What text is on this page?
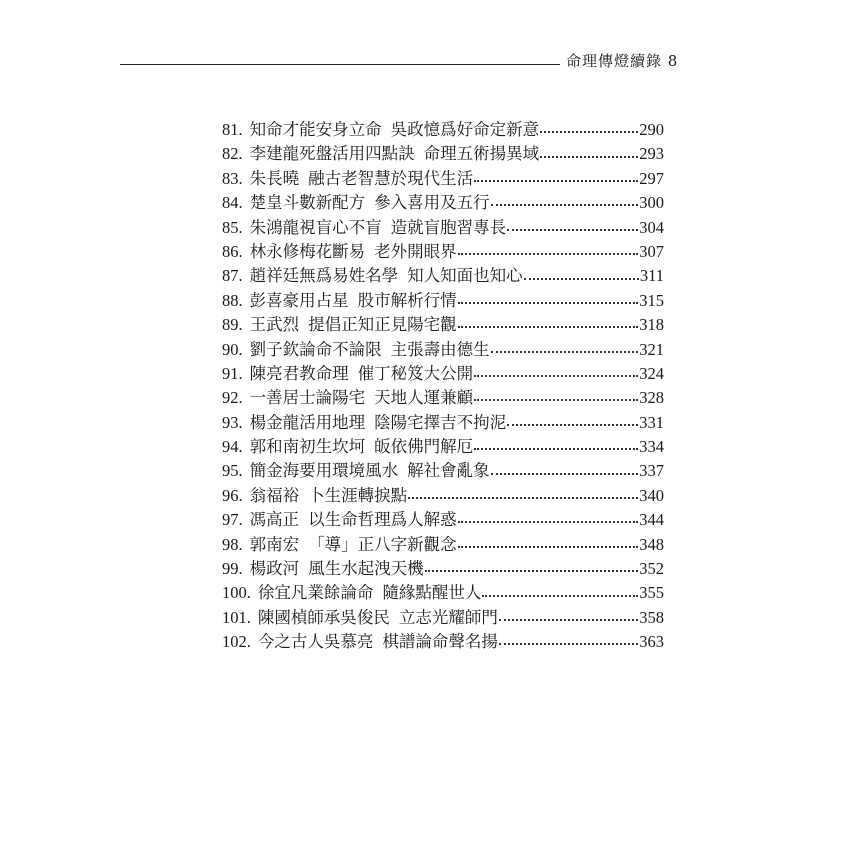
命理傳燈續錄 8
81. 知命才能安身立命 吳政憶爲好命定新意	290
82. 李建龍死盤活用四點訣 命理五術揚異域	293
83. 朱長曉 融古老智慧於現代生活	297
84. 楚皇斗數新配方 參入喜用及五行	300
85. 朱鴻龍視盲心不盲 造就盲胞習專長	304
86. 林永修梅花斷易 老外開眼界	307
87. 趙祥廷無爲易姓名學 知人知面也知心	311
88. 彭喜豪用占星 股市解析行情	315
89. 王武烈 提倡正知正見陽宅觀	318
90. 劉子欽論命不論限 主張壽由德生	321
91. 陳亮君教命理 催丁秘笈大公開	324
92. 一善居士論陽宅 天地人運兼顧	328
93. 楊金龍活用地理 陰陽宅擇吉不拘泥	331
94. 郭和南初生坎坷 皈依佛門解厄	334
95. 簡金海要用環境風水 解社會亂象	337
96. 翁福裕 卜生涯轉捩點	340
97. 馮高正 以生命哲理爲人解惑	344
98. 郭南宏 「導」正八字新觀念	348
99. 楊政河 風生水起洩天機	352
100. 徐宜凡業餘論命 隨緣點醒世人	355
101. 陳國楨師承吳俊民 立志光耀師門	358
102. 今之古人吳慕亮 棋譜論命聲名揚	363
